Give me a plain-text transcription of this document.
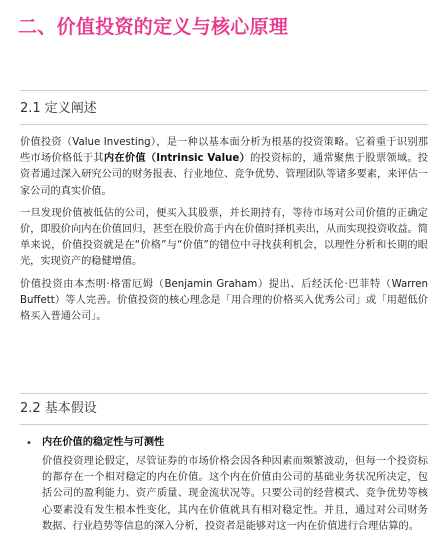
二、价值投资的定义与核心原理
2.1 定义阐述

价值投资（Value Investing），是一种以基本面分析为根基的投资策略。它着重于识别那些市场价格低于其内在价值（Intrinsic Value）的投资标的，通常聚焦于股票领域。投资者通过深入研究公司的财务报表、行业地位、竞争优势、管理团队等诸多要素，来评估一家公司的真实价值。

一旦发现价值被低估的公司，便买入其股票，并长期持有，等待市场对公司价值的正确定价，即股价向内在价值回归，甚至在股价高于内在价值时择机卖出，从而实现投资收益。简单来说，价值投资就是在“价格”与“价值”的错位中寻找获利机会，以理性分析和长期的眼光，实现资产的稳健增值。

价值投资由本杰明·格雷厄姆（Benjamin Graham）提出、后经沃伦·巴菲特（Warren Buffett）等人完善。价值投资的核心理念是「用合理的价格买入优秀公司」或「用超低价格买入普通公司」。

2.2 基本假设
• 内在价值的稳定性与可测性

价值投资理论假定，尽管证券的市场价格会因各种因素而频繁波动，但每一个投资标的都存在一个相对稳定的内在价值。这个内在价值由公司的基础业务状况所决定，包括公司的盈利能力、资产质量、现金流状况等。只要公司的经营模式、竞争优势等核心要素没有发生根本性变化，其内在价值就具有相对稳定性。并且，通过对公司财务数据、行业趋势等信息的深入分析，投资者是能够对这一内在价值进行合理估算的。
